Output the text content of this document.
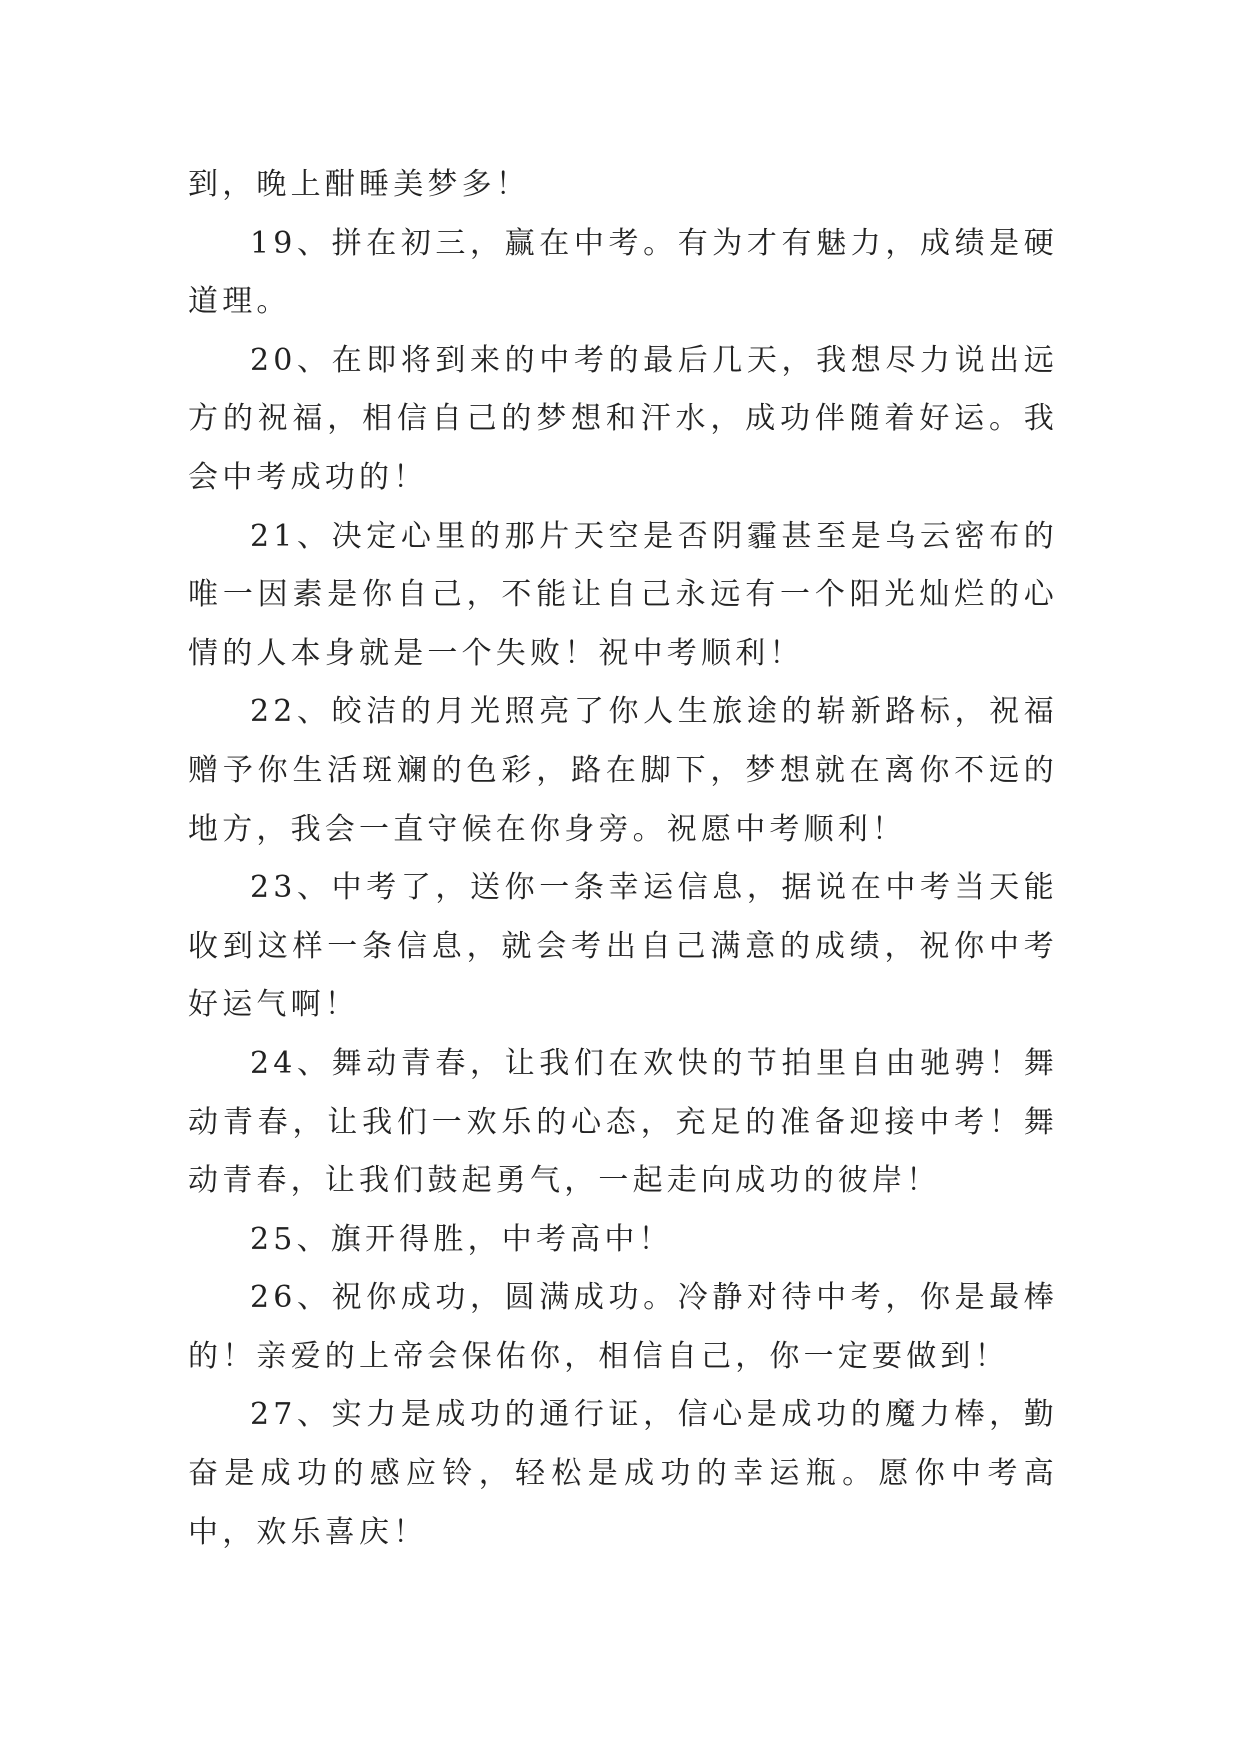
到，晚上酣睡美梦多！

19、拼在初三，赢在中考。有为才有魅力，成绩是硬道理。

20、在即将到来的中考的最后几天，我想尽力说出远方的祝福，相信自己的梦想和汗水，成功伴随着好运。我会中考成功的！

21、决定心里的那片天空是否阴霾甚至是乌云密布的唯一因素是你自己，不能让自己永远有一个阳光灿烂的心情的人本身就是一个失败！祝中考顺利！

22、皎洁的月光照亮了你人生旅途的崭新路标，祝福赠予你生活斑斓的色彩，路在脚下，梦想就在离你不远的地方，我会一直守候在你身旁。祝愿中考顺利！

23、中考了，送你一条幸运信息，据说在中考当天能收到这样一条信息，就会考出自己满意的成绩，祝你中考好运气啊！

24、舞动青春，让我们在欢快的节拍里自由驰骋！舞动青春，让我们一欢乐的心态，充足的准备迎接中考！舞动青春，让我们鼓起勇气，一起走向成功的彼岸！

25、旗开得胜，中考高中！

26、祝你成功，圆满成功。冷静对待中考，你是最棒的！亲爱的上帝会保佑你，相信自己，你一定要做到！

27、实力是成功的通行证，信心是成功的魔力棒，勤奋是成功的感应铃，轻松是成功的幸运瓶。愿你中考高中，欢乐喜庆！
